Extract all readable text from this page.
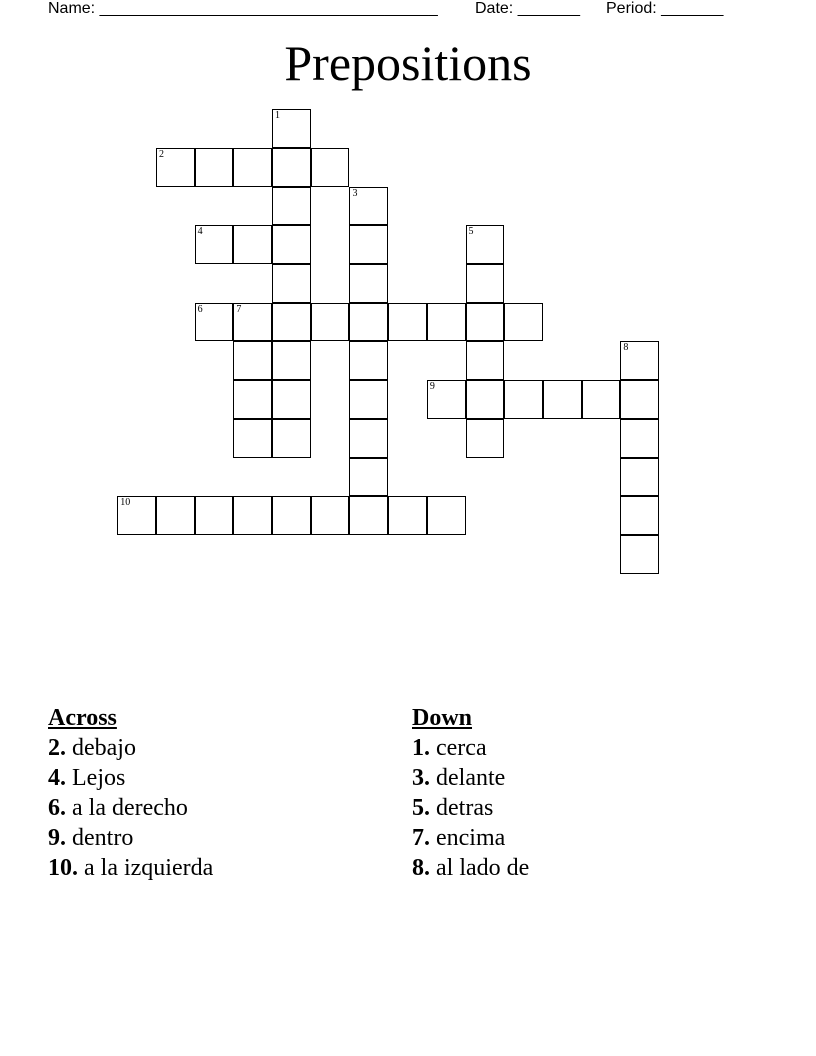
Name: ______________________________________ Date: _______ Period: _______
Prepositions
1
2
3
4	5
6	7
8
9
10
Across
2. debajo
4. Lejos
6. a la derecho
9. dentro
10. a la izquierda
Down
1. cerca
3. delante
5. detras
7. encima
8. al lado de
